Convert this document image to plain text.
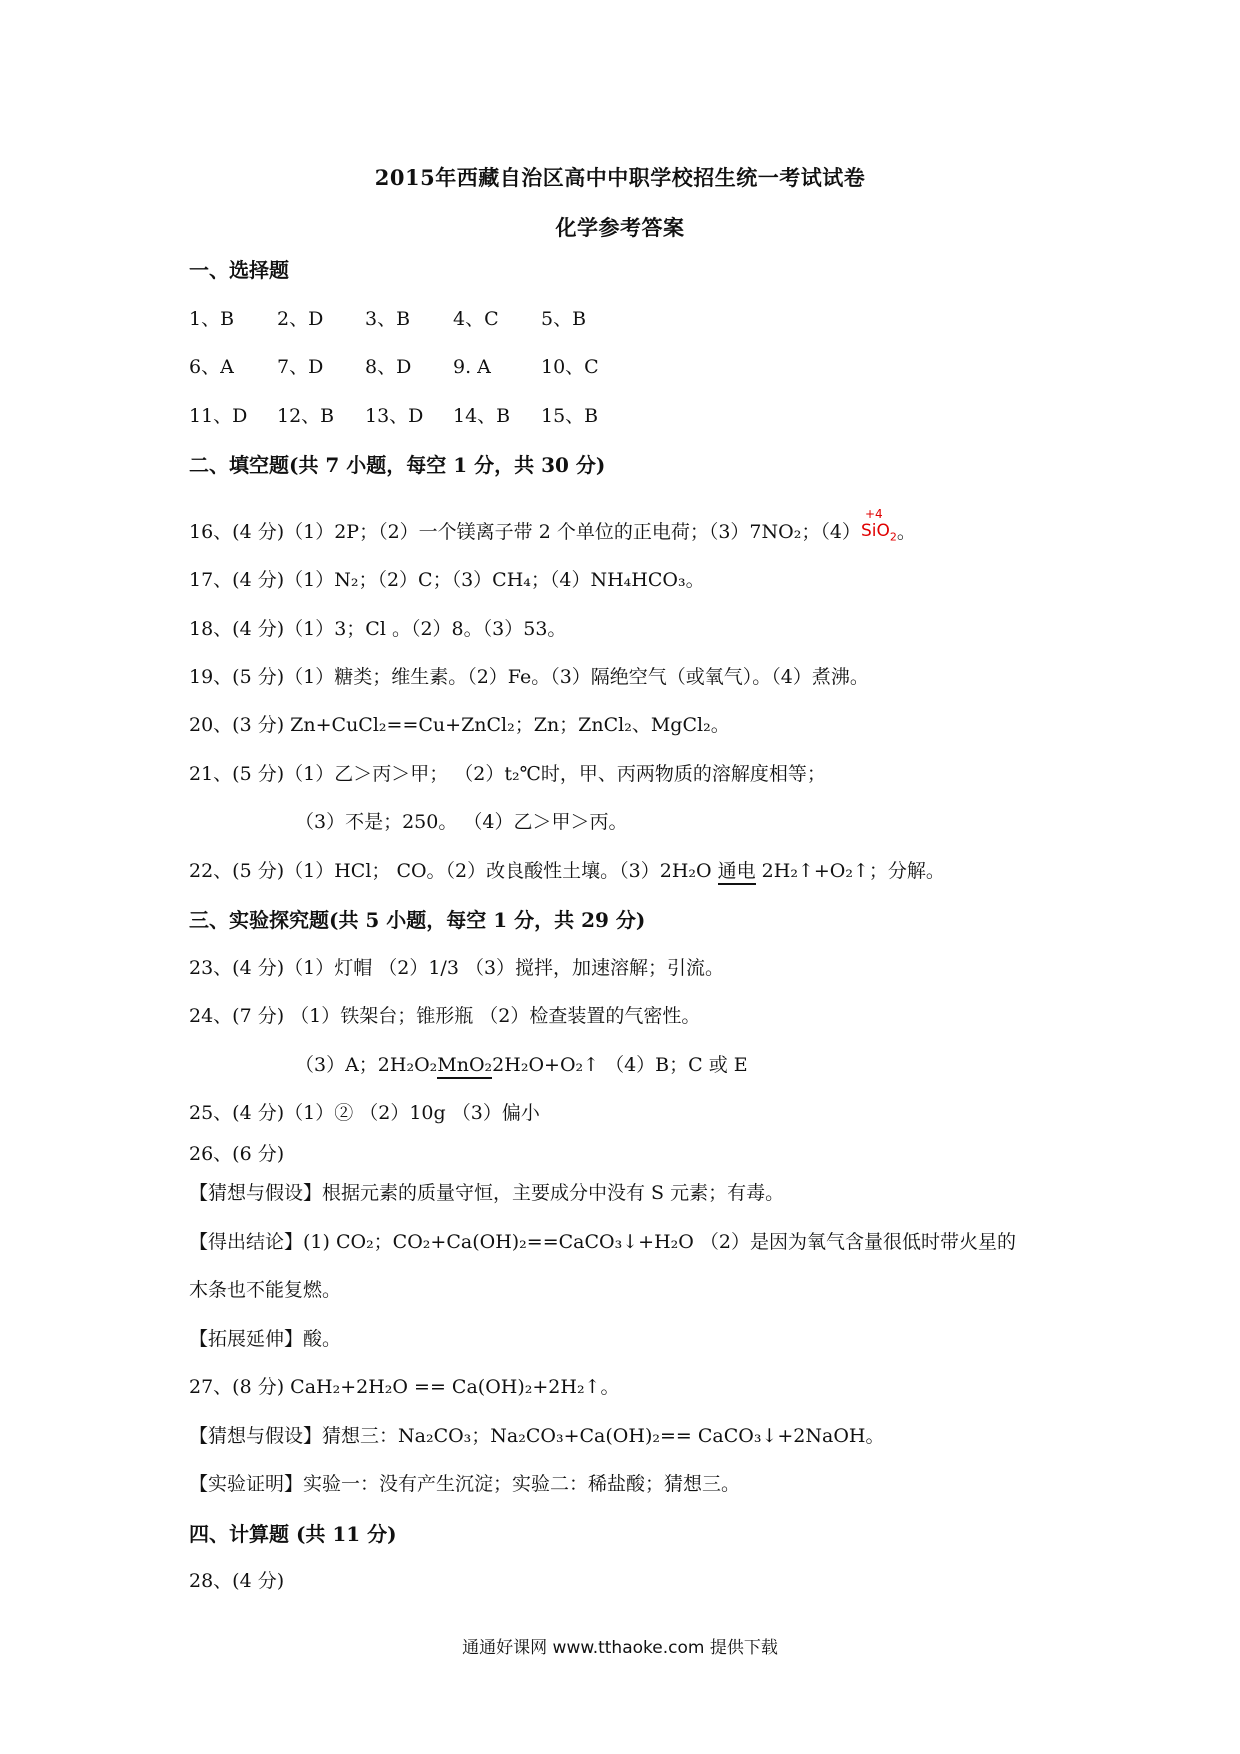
2015年西藏自治区高中中职学校招生统一考试试卷
化学参考答案
一、选择题
1、B 2、D 3、B 4、C 5、B
6、A 7、D 8、D 9. A	10、C
11、D 12、B 13、D 14、B 15、B
二、填空题(共 7 小题，每空 1 分，共 30 分)
16、(4 分)（1）2P；（2）一个镁离子带 2 个单位的正电荷；（3）7NO₂；（4）
+4
SiO$_2$。
17、(4 分)（1）N₂；（2）C；（3）CH₄；（4）NH₄HCO₃。
18、(4 分)（1）3；Cl 。（2）8。（3）53。
19、(5 分)（1）糖类；维生素。（2）Fe。（3）隔绝空气（或氧气）。（4）煮沸。
20、(3 分) Zn+CuCl₂==Cu+ZnCl₂；Zn；ZnCl₂、MgCl₂。
21、(5 分)（1）乙＞丙＞甲； （2）t₂℃时，甲、丙两物质的溶解度相等；
（3）不是；250。 （4）乙＞甲＞丙。
22、(5 分)（1）HCl； CO。（2）改良酸性土壤。（3）2H₂O 通电 2H₂↑+O₂↑；分解。
三、实验探究题(共 5 小题，每空 1 分，共 29 分)
23、(4 分)（1）灯帽 （2）1/3 （3）搅拌，加速溶解；引流。
24、(7 分) （1）铁架台；锥形瓶 （2）检查装置的气密性。
（3）A；2H₂O₂MnO₂2H₂O+O₂↑ （4）B；C 或 E
25、(4 分)（1）② （2）10g （3）偏小
26、(6 分)
【猜想与假设】根据元素的质量守恒，主要成分中没有 S 元素；有毒。
【得出结论】(1) CO₂；CO₂+Ca(OH)₂==CaCO₃↓+H₂O （2）是因为氧气含量很低时带火星的
木条也不能复燃。
【拓展延伸】酸。
27、(8 分) CaH₂+2H₂O == Ca(OH)₂+2H₂↑。
【猜想与假设】猜想三：Na₂CO₃；Na₂CO₃+Ca(OH)₂== CaCO₃↓+2NaOH。
【实验证明】实验一：没有产生沉淀；实验二：稀盐酸；猜想三。
四、计算题 (共 11 分)
28、(4 分)
通通好课网 www.tthaoke.com 提供下载
